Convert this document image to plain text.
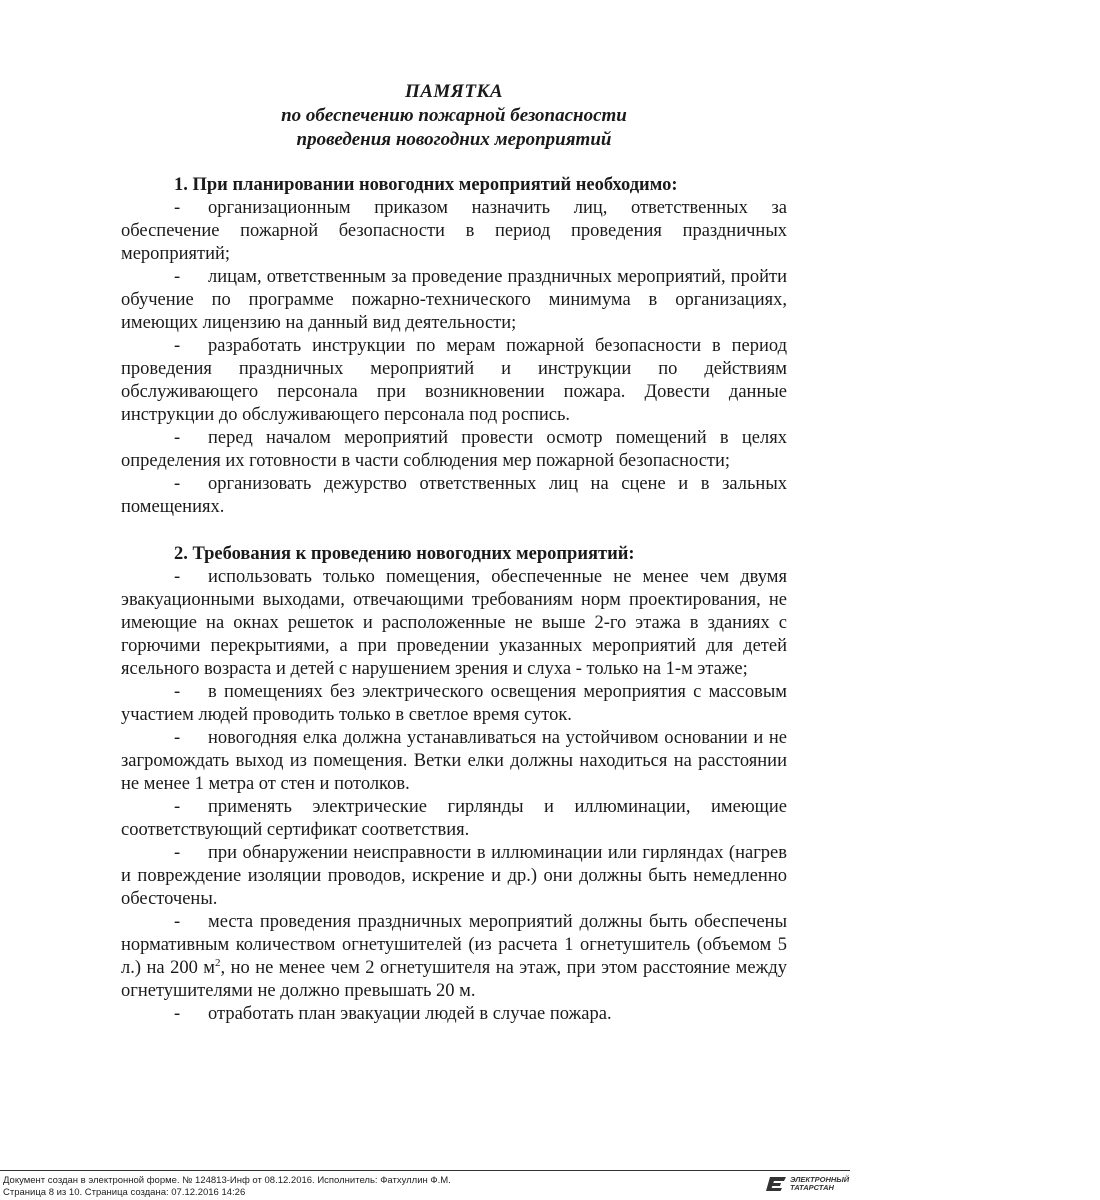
ПАМЯТКА
по обеспечению пожарной безопасности
проведения новогодних мероприятий
1. При планировании новогодних мероприятий необходимо:

- организационным приказом назначить лиц, ответственных за обеспечение пожарной безопасности в период проведения праздничных мероприятий;

- лицам, ответственным за проведение праздничных мероприятий, пройти обучение по программе пожарно-технического минимума в организациях, имеющих лицензию на данный вид деятельности;

- разработать инструкции по мерам пожарной безопасности в период проведения праздничных мероприятий и инструкции по действиям обслуживающего персонала при возникновении пожара. Довести данные инструкции до обслуживающего персонала под роспись.

- перед началом мероприятий провести осмотр помещений в целях определения их готовности в части соблюдения мер пожарной безопасности;

- организовать дежурство ответственных лиц на сцене и в зальных помещениях.

2. Требования к проведению новогодних мероприятий:

- использовать только помещения, обеспеченные не менее чем двумя эвакуационными выходами, отвечающими требованиям норм проектирования, не имеющие на окнах решеток и расположенные не выше 2-го этажа в зданиях с горючими перекрытиями, а при проведении указанных мероприятий для детей ясельного возраста и детей с нарушением зрения и слуха - только на 1-м этаже;

- в помещениях без электрического освещения мероприятия с массовым участием людей проводить только в светлое время суток.

- новогодняя елка должна устанавливаться на устойчивом основании и не загромождать выход из помещения. Ветки елки должны находиться на расстоянии не менее 1 метра от стен и потолков.

- применять электрические гирлянды и иллюминации, имеющие соответствующий сертификат соответствия.

- при обнаружении неисправности в иллюминации или гирляндах (нагрев и повреждение изоляции проводов, искрение и др.) они должны быть немедленно обесточены.

- места проведения праздничных мероприятий должны быть обеспечены нормативным количеством огнетушителей (из расчета 1 огнетушитель (объемом 5 л.) на 200 $м^2$, но не менее чем 2 огнетушителя на этаж, при этом расстояние между огнетушителями не должно превышать 20 м.

- отработать план эвакуации людей в случае пожара.

Документ создан в электронной форме. № 124813-Инф от 08.12.2016. Исполнитель: Фатхуллин Ф.М.
Страница 8 из 10. Страница создана: 07.12.2016 14:26
ЭЛЕКТРОННЫЙ
ТАТАРСТАН
